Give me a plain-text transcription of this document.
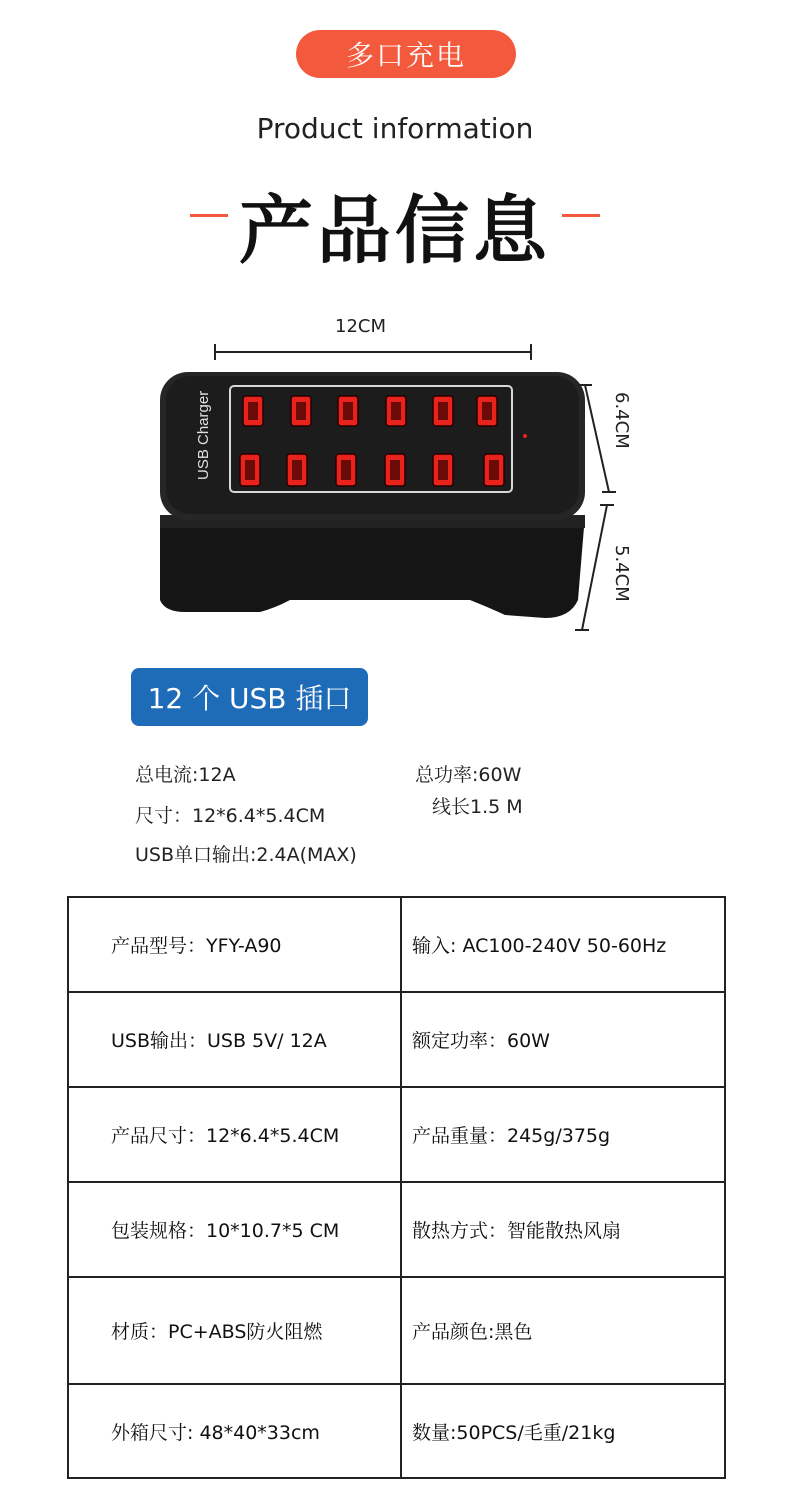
多口充电
Product information
产品信息
12CM
6.4CM
5.4CM
USB Charger
12 个 USB 插口
总电流:12A	总功率:60W
尺寸：12*6.4*5.4CM	线长1.5 M
USB单口输出:2.4A(MAX)
产品型号：YFY-A90	输入: AC100-240V 50-60Hz
USB输出：USB 5V/ 12A	额定功率：60W
产品尺寸：12*6.4*5.4CM	产品重量：245g/375g
包装规格：10*10.7*5 CM	散热方式：智能散热风扇
材质：PC+ABS防火阻燃	产品颜色:黑色
外箱尺寸: 48*40*33cm	数量:50PCS/毛重/21kg
